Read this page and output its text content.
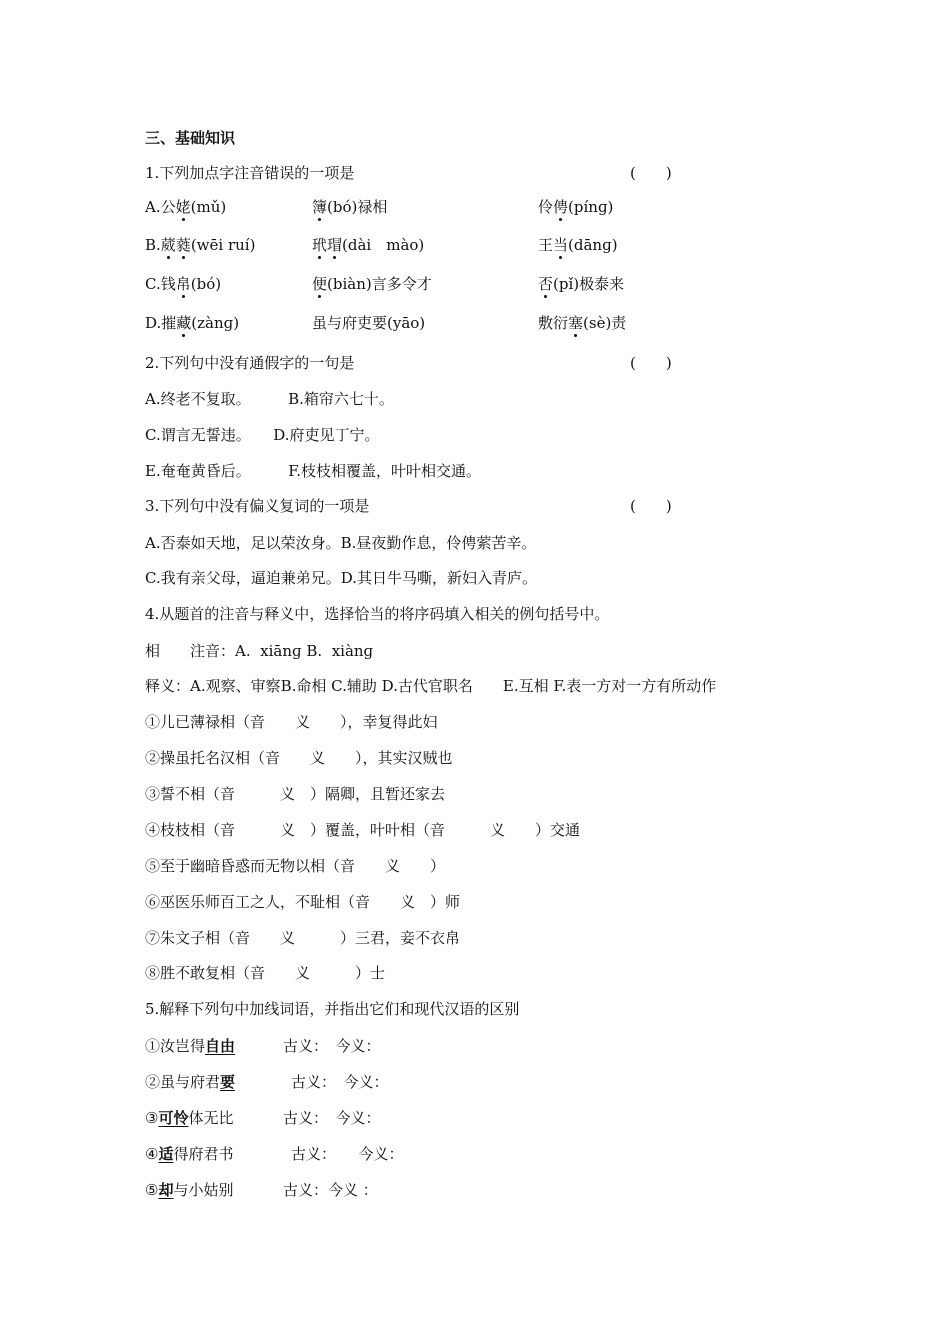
三、基础知识
1.下列加点字注音错误的一项是	(　　)
A.公姥(mǔ)	簿(bó)禄相	伶俜(pínɡ)
B.葳蕤(wēi ruí)	玳瑁(dài　mào)	王当(dānɡ)
C.钱帛(bó)	便(biàn)言多令才	否(pǐ)极泰来
D.摧藏(zànɡ)	虽与府吏要(yāo)	敷衍塞(sè)责
2.下列句中没有通假字的一句是	(　　)
A.终老不复取。　　　B.箱帘六七十。
C.谓言无誓违。　　D.府吏见丁宁。
E.奄奄黄昏后。　　　F.枝枝相覆盖，叶叶相交通。
3.下列句中没有偏义复词的一项是	(　　)
A.否泰如天地，足以荣汝身。B.昼夜勤作息，伶俜萦苦辛。
C.我有亲父母，逼迫兼弟兄。D.其日牛马嘶，新妇入青庐。
4.从题首的注音与释义中，选择恰当的将序码填入相关的例句括号中。
相　　注音：A.  xiānɡ B.  xiànɡ
释义：A.观察、审察B.命相 C.辅助 D.古代官职名　　E.互相 F.表一方对一方有所动作
①儿已薄禄相（音　　义　　），幸复得此妇
②操虽托名汉相（音　　义　　），其实汉贼也
③誓不相（音　　　义　）隔卿，且暂还家去
④枝枝相（音　　　义　）覆盖，叶叶相（音　　　义　　）交通
⑤至于幽暗昏惑而无物以相（音　　义　　）
⑥巫医乐师百工之人，不耻相（音　　义　）师
⑦朱文子相（音　　义　　　）三君，妾不衣帛
⑧胜不敢复相（音　　义　　　）士
5.解释下列句中加线词语，并指出它们和现代汉语的区别
①汝岂得自由	古义：　今义：
②虽与府君要	古义：　今义：
③可怜体无比	古义：　今义：
④适得府君书	古义：　　今义：
⑤却与小姑别	古义：今义 ：
